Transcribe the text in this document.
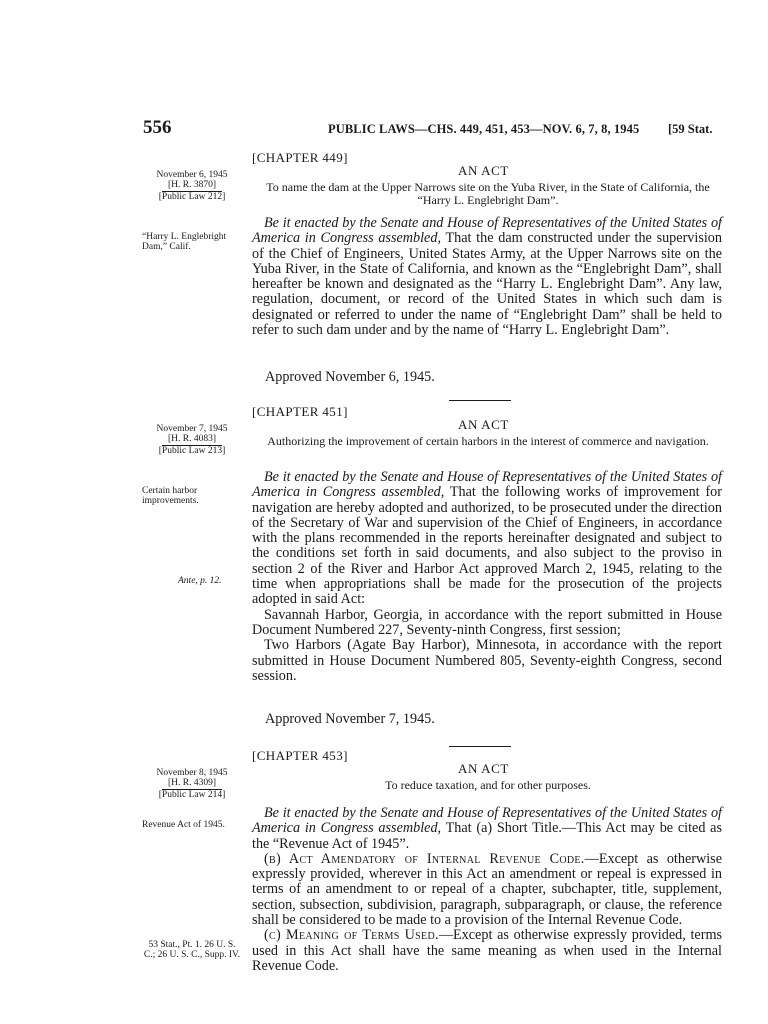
556	PUBLIC LAWS—CHS. 449, 451, 453—NOV. 6, 7, 8, 1945 [59 Stat.
[CHAPTER 449]
AN ACT
November 6, 1945
[H. R. 3870]
[Public Law 212]
To name the dam at the Upper Narrows site on the Yuba River, in the State of California, the “Harry L. Englebright Dam”.
“Harry L. Englebright Dam,” Calif.

Be it enacted by the Senate and House of Representatives of the United States of America in Congress assembled, That the dam constructed under the supervision of the Chief of Engineers, United States Army, at the Upper Narrows site on the Yuba River, in the State of California, and known as the “Englebright Dam”, shall hereafter be known and designated as the “Harry L. Englebright Dam”. Any law, regulation, document, or record of the United States in which such dam is designated or referred to under the name of “Englebright Dam” shall be held to refer to such dam under and by the name of “Harry L. Englebright Dam”.

Approved November 6, 1945.
[CHAPTER 451]
AN ACT
November 7, 1945
[H. R. 4083]
[Public Law 213]
Authorizing the improvement of certain harbors in the interest of commerce and navigation.
Certain harbor improvements.
Ante, p. 12.

Be it enacted by the Senate and House of Representatives of the United States of America in Congress assembled, That the following works of improvement for navigation are hereby adopted and authorized, to be prosecuted under the direction of the Secretary of War and supervision of the Chief of Engineers, in accordance with the plans recommended in the reports hereinafter designated and subject to the conditions set forth in said documents, and also subject to the proviso in section 2 of the River and Harbor Act approved March 2, 1945, relating to the time when appropriations shall be made for the prosecution of the projects adopted in said Act:

Savannah Harbor, Georgia, in accordance with the report submitted in House Document Numbered 227, Seventy-ninth Congress, first session;

Two Harbors (Agate Bay Harbor), Minnesota, in accordance with the report submitted in House Document Numbered 805, Seventy-eighth Congress, second session.

Approved November 7, 1945.
[CHAPTER 453]
AN ACT
November 8, 1945
[H. R. 4309]
[Public Law 214]
To reduce taxation, and for other purposes.
Revenue Act of 1945.
53 Stat., Pt. 1. 26 U. S. C.; 26 U. S. C., Supp. IV.

Be it enacted by the Senate and House of Representatives of the United States of America in Congress assembled, That (a) Short Title.—This Act may be cited as the “Revenue Act of 1945”.

(b) Act Amendatory of Internal Revenue Code.—Except as otherwise expressly provided, wherever in this Act an amendment or repeal is expressed in terms of an amendment to or repeal of a chapter, subchapter, title, supplement, section, subsection, subdivision, paragraph, subparagraph, or clause, the reference shall be considered to be made to a provision of the Internal Revenue Code.

(c) Meaning of Terms Used.—Except as otherwise expressly provided, terms used in this Act shall have the same meaning as when used in the Internal Revenue Code.
